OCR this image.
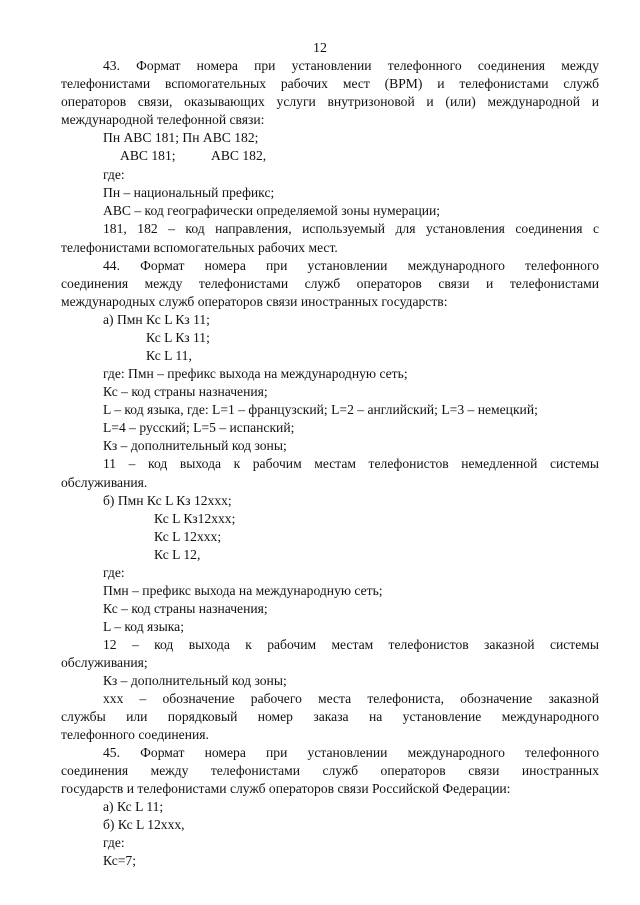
12
43. Формат номера при установлении телефонного соединения между
телефонистами вспомогательных рабочих мест (ВРМ) и телефонистами служб
операторов связи, оказывающих услуги внутризоновой и (или) международной и
международной телефонной связи:
Пн АВС 181; Пн АВС 182;
АВС 181;	АВС 182,
где:
Пн – национальный префикс;
АВС – код географически определяемой зоны нумерации;
181, 182 – код направления, используемый для установления соединения с
телефонистами вспомогательных рабочих мест.
44. Формат номера при установлении международного телефонного
соединения между телефонистами служб операторов связи и телефонистами
международных служб операторов связи иностранных государств:
а) Пмн Кс L Кз 11;
Кс L Кз 11;
Кс L 11,
где: Пмн – префикс выхода на международную сеть;
Кс – код страны назначения;
L – код языка, где: L=1 – французский; L=2 – английский; L=3 – немецкий;
L=4 – русский; L=5 – испанский;
Кз – дополнительный код зоны;
11 – код выхода к рабочим местам телефонистов немедленной системы
обслуживания.
б) Пмн Кс L Кз 12ххх;
Кс L Кз12ххх;
Кс L 12ххх;
Кс L 12,
где:
Пмн – префикс выхода на международную сеть;
Кс – код страны назначения;
L – код языка;
12 – код выхода к рабочим местам телефонистов заказной системы
обслуживания;
Кз – дополнительный код зоны;
ххх – обозначение рабочего места телефониста, обозначение заказной
службы или порядковый номер заказа на установление международного
телефонного соединения.
45. Формат номера при установлении международного телефонного
соединения между телефонистами служб операторов связи иностранных
государств и телефонистами служб операторов связи Российской Федерации:
а) Кс L 11;
б) Кс L 12ххх,
где:
Кс=7;
